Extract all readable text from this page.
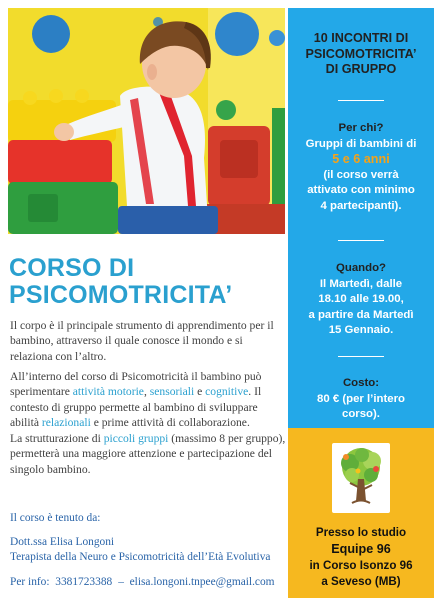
CORSO DI
PSICOMOTRICITA’
Il corpo è il principale strumento di apprendimento per il bambino, attraverso il quale conosce il mondo e si relaziona con l’altro.
All’interno del corso di Psicomotricità il bambino può sperimentare attività motorie, sensoriali e cognitive. Il contesto di gruppo permette al bambino di sviluppare abilità relazionali e prime attività di collaborazione.
La strutturazione di piccoli gruppi (massimo 8 per gruppo), permetterà una maggiore attenzione e partecipazione del singolo bambino.
Il corso è tenuto da:
Dott.ssa Elisa Longoni
Terapista della Neuro e Psicomotricità dell’Età Evolutiva
Per info: 3381723388 – elisa.longoni.tnpee@gmail.com
10 INCONTRI DI
PSICOMOTRICITA’
DI GRUPPO
Per chi?
Gruppi di bambini di
5 e 6 anni
(il corso verrà
attivato con minimo
4 partecipanti).
Quando?
Il Martedì, dalle
18.10 alle 19.00,
a partire da Martedì
15 Gennaio.
Costo:
80 € (per l’intero
corso).
Presso lo studio
Equipe 96
in Corso Isonzo 96
a Seveso (MB)
